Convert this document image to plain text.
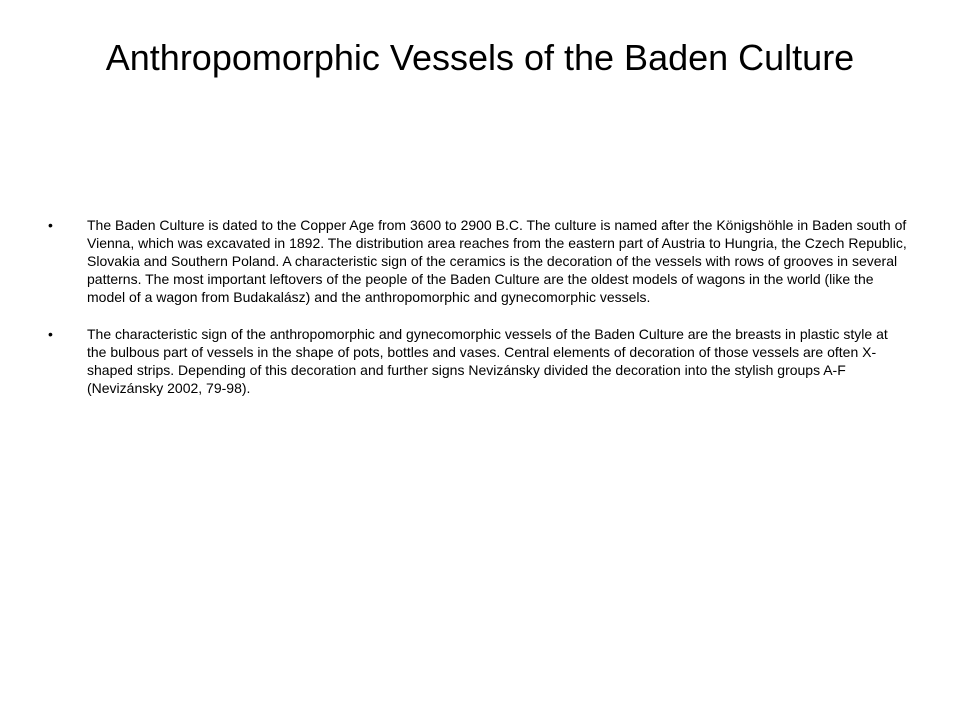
Anthropomorphic Vessels of the Baden Culture
•	The Baden Culture is dated to the Copper Age from 3600 to 2900 B.C. The culture is named after the Königshöhle in Baden south of Vienna, which was excavated in 1892. The distribution area reaches from the eastern part of Austria to Hungria, the Czech Republic, Slovakia and Southern Poland. A characteristic sign of the ceramics is the decoration of the vessels with rows of grooves in several patterns. The most important leftovers of the people of the Baden Culture are the oldest models of wagons in the world (like the model of a wagon from Budakalász) and the anthropomorphic and gynecomorphic vessels.

•	The characteristic sign of the anthropomorphic and gynecomorphic vessels of the Baden Culture are the breasts in plastic style at the bulbous part of vessels in the shape of pots, bottles and vases. Central elements of decoration of those vessels are often X-shaped strips. Depending of this decoration and further signs Nevizánsky divided the decoration into the stylish groups A-F (Nevizánsky 2002, 79-98).
